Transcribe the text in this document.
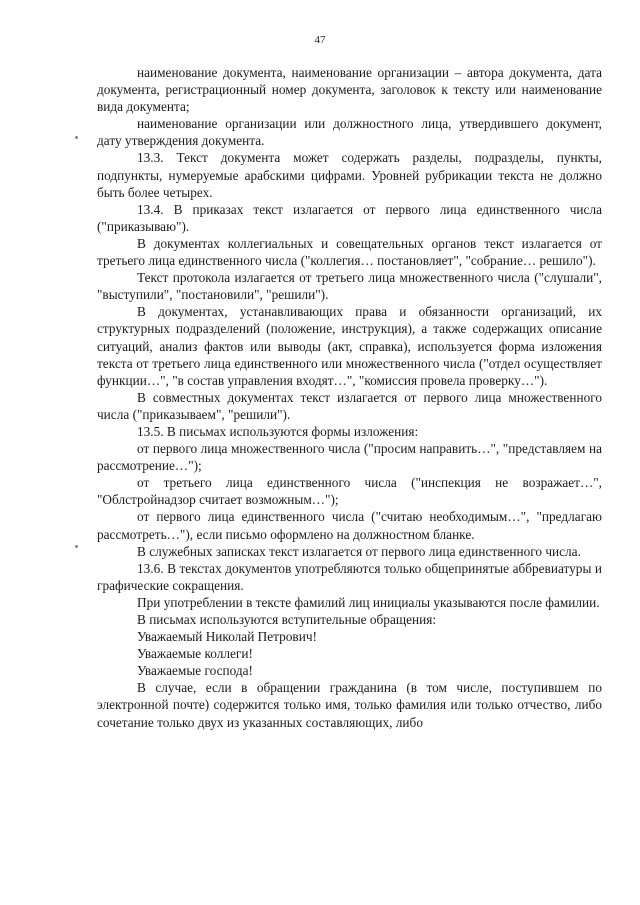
47

наименование документа, наименование организации – автора документа, дата документа, регистрационный номер документа, заголовок к тексту или наименование вида документа;

наименование организации или должностного лица, утвердившего документ, дату утверждения документа.

13.3. Текст документа может содержать разделы, подразделы, пункты, подпункты, нумеруемые арабскими цифрами. Уровней рубрикации текста не должно быть более четырех.

13.4. В приказах текст излагается от первого лица единственного числа ("приказываю").

В документах коллегиальных и совещательных органов текст излагается от третьего лица единственного числа ("коллегия… постановляет", "собрание… решило").

Текст протокола излагается от третьего лица множественного числа ("слушали", "выступили", "постановили", "решили").

В документах, устанавливающих права и обязанности организаций, их структурных подразделений (положение, инструкция), а также содержащих описание ситуаций, анализ фактов или выводы (акт, справка), используется форма изложения текста от третьего лица единственного или множественного числа ("отдел осуществляет функции…", "в состав управления входят…", "комиссия провела проверку…").

В совместных документах текст излагается от первого лица множественного числа ("приказываем", "решили").

13.5. В письмах используются формы изложения:

от первого лица множественного числа ("просим направить…", "представляем на рассмотрение…");

от третьего лица единственного числа ("инспекция не возражает…", "Облстройнадзор считает возможным…");

от первого лица единственного числа ("считаю необходимым…", "предлагаю рассмотреть…"), если письмо оформлено на должностном бланке.

В служебных записках текст излагается от первого лица единственного числа.

13.6. В текстах документов употребляются только общепринятые аббревиатуры и графические сокращения.

При употреблении в тексте фамилий лиц инициалы указываются после фамилии.

В письмах используются вступительные обращения:

Уважаемый Николай Петрович!

Уважаемые коллеги!

Уважаемые господа!

В случае, если в обращении гражданина (в том числе, поступившем по электронной почте) содержится только имя, только фамилия или только отчество, либо сочетание только двух из указанных составляющих, либо
